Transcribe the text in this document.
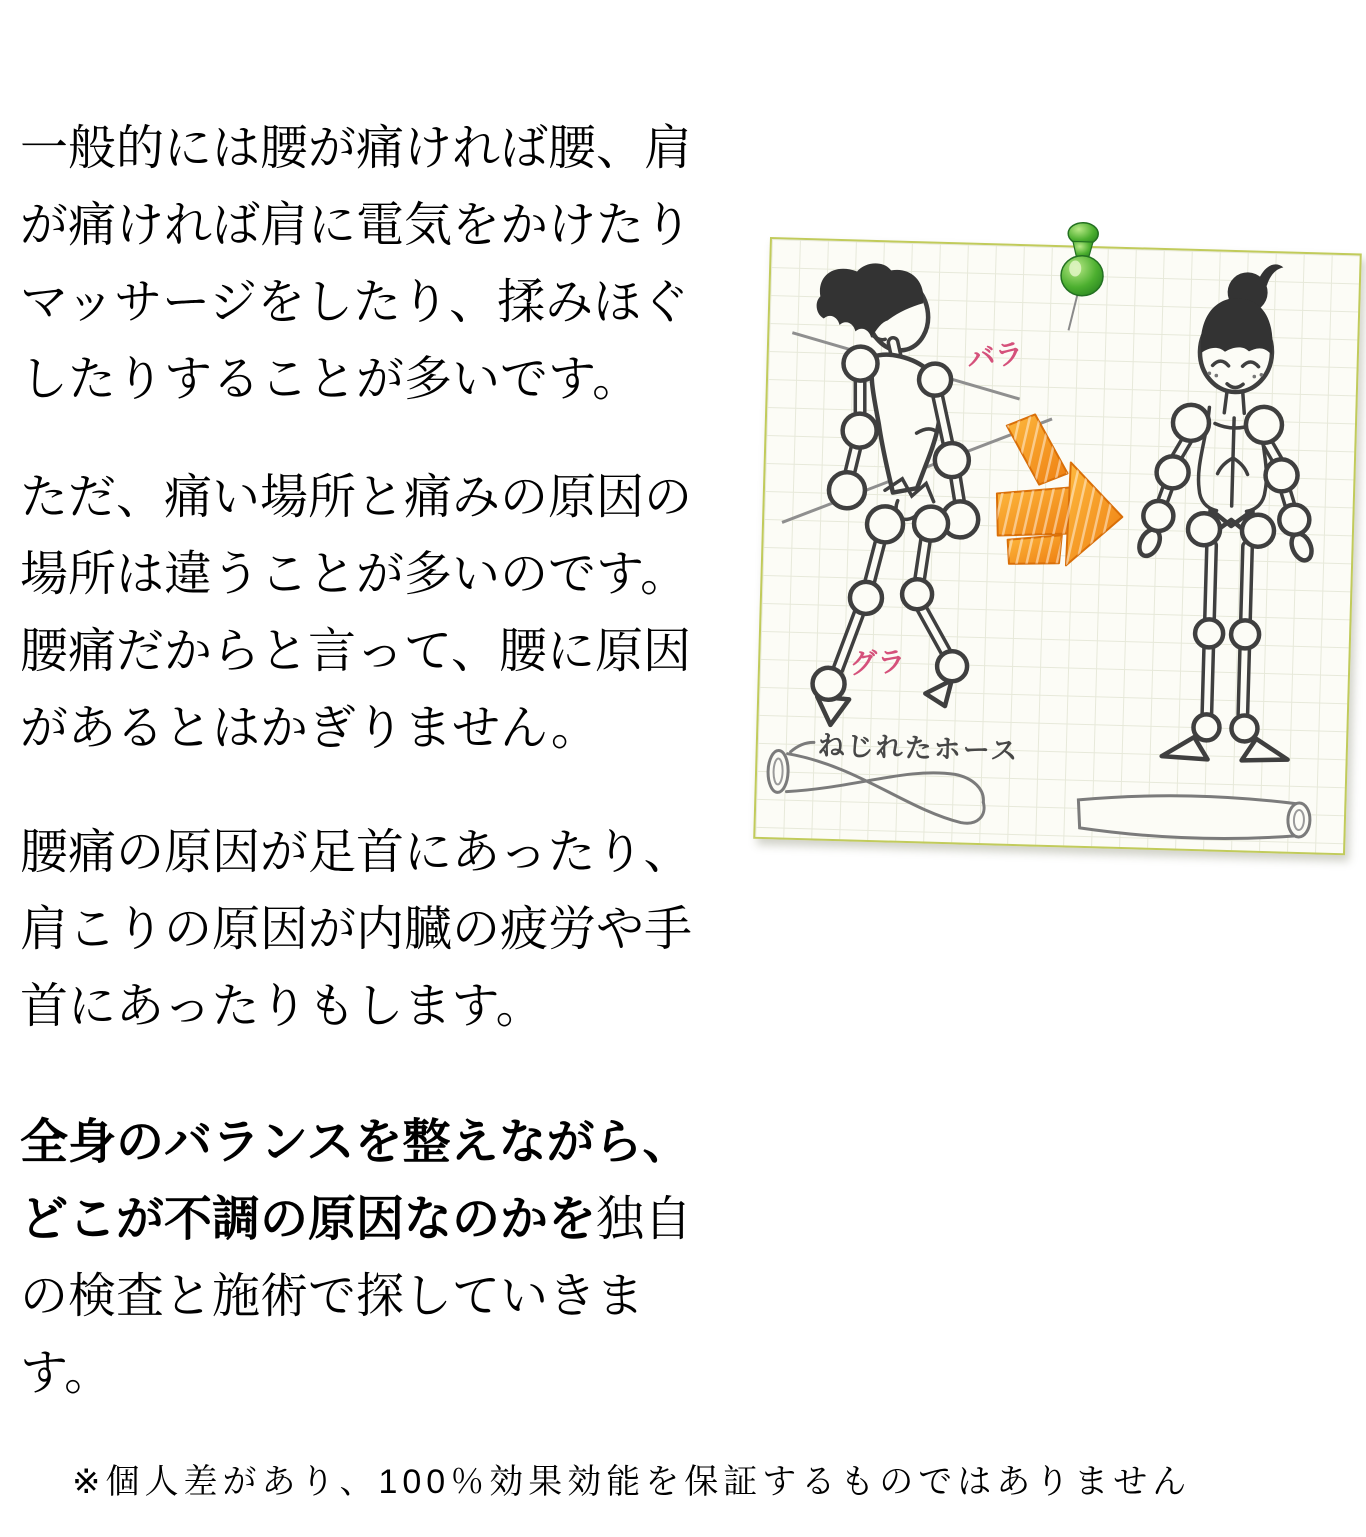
一般的には腰が痛ければ腰、肩
が痛ければ肩に電気をかけたり
マッサージをしたり、揉みほぐ
したりすることが多いです。

ただ、痛い場所と痛みの原因の
場所は違うことが多いのです。
腰痛だからと言って、腰に原因
があるとはかぎりません。

腰痛の原因が足首にあったり、
肩こりの原因が内臓の疲労や手
首にあったりもします。

全身のバランスを整えながら、
どこが不調の原因なのかを独自
の検査と施術で探していきま
す。

※個人差があり、100％効果効能を保証するものではありません

バラ
グラ
ねじれたホース
